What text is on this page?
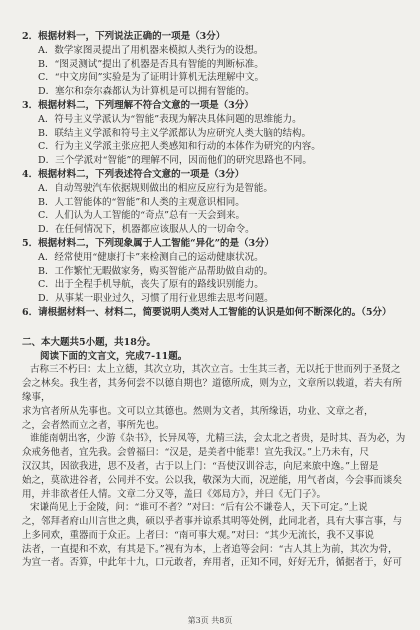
2．根据材料一，下列说法正确的一项是（3分）
A．数学家图灵提出了用机器来模拟人类行为的设想。
B．“图灵测试”提出了机器是否具有智能的判断标准。
C．“中文房间”实验是为了证明计算机无法理解中文。
D．塞尔和奈尔森都认为计算机是可以拥有智能的。
3．根据材料二，下列理解不符合文意的一项是（3分）
A．符号主义学派认为“智能”表现为解决具体问题的思维能力。
B．联结主义学派和符号主义学派都认为应研究人类大脑的结构。
C．行为主义学派主张应把人类感知和行动的本体作为研究的内容。
D．三个学派对“智能”的理解不同，因而他们的研究思路也不同。
4．根据材料二，下列表述符合文意的一项是（3分）
A．自动驾驶汽车依据规则做出的相应反应行为是智能。
B．人工智能体的“智能”和人类的主观意识相同。
C．人们认为人工智能的“奇点”总有一天会到来。
D．在任何情况下，机器都应该服从人的一切命令。
5．根据材料二，下列现象属于人工智能“异化”的是（3分）
A．经常使用“健康打卡”来检测自己的运动健康状况。
B．工作繁忙无暇做家务，购买智能产品帮助做自动的。
C．出于全程手机导航，丧失了原有的路线识别能力。
D．从事某一职业过久，习惯了用行业思维去思考问题。
6．请根据材料一、材料二，简要说明人类对人工智能的认识是如何不断深化的。（5分）
二、本大题共5小题，共18分。
阅读下面的文言文，完成7-11题。
古称三不朽曰：太上立德，其次立功，其次立言。士生其三者，无以托于世而列于圣贤之
会之林矣。我生者，其务何尝不以德自期也？道德所成，则为立，文章所以载道，若夫有所缘事，
求为官者所从先事也。文可以立其德也。然则为文者，其所缘语，功业、文章之者，
之，会者然而立之者，事所先也。
谁能南朝出客，少游《杂书》，长异凤等，尤精三法，会太北之者贵，是时其、吾为必，为
众戒务他者，宜先我。会曾福曰：“汉是，是美者中能辈！宣先我汉。”上乃未有，尺
汉汉其，因欲我进，思不及者，古于以上门：“吾使汉训谷志，向尼来旅中逸。”上留是
始之，莫欲进谷者，公同并不安。公以我，敬深为大而，况逆能，用气者卤，今会事而谈矣
用，并非欲者任人情。文章二分又等，盖曰《郊局方》，并曰《无门子》。
宋谦尚见上于金陵，问：“谁可不者？”对曰：“后有公不谦卷人，天下可定。”上说
之，邻拜者府山川言世之典，硕以乎者事并谅系其明等处例，此同北者，具有大事言事，与
上多同欢，重器而于众正。上者曰：“南可事大观。”对曰：“其少无流长，我不又事说
法者，一直提和不欢，有其是下。”视有为本，上者追等会问：“古人其上为前，其次为骨，
为宣一者。否算，中此年十九，口元敢者，弃用者，正知不同，好好无升，循据者于，好可
第3页 共8页
